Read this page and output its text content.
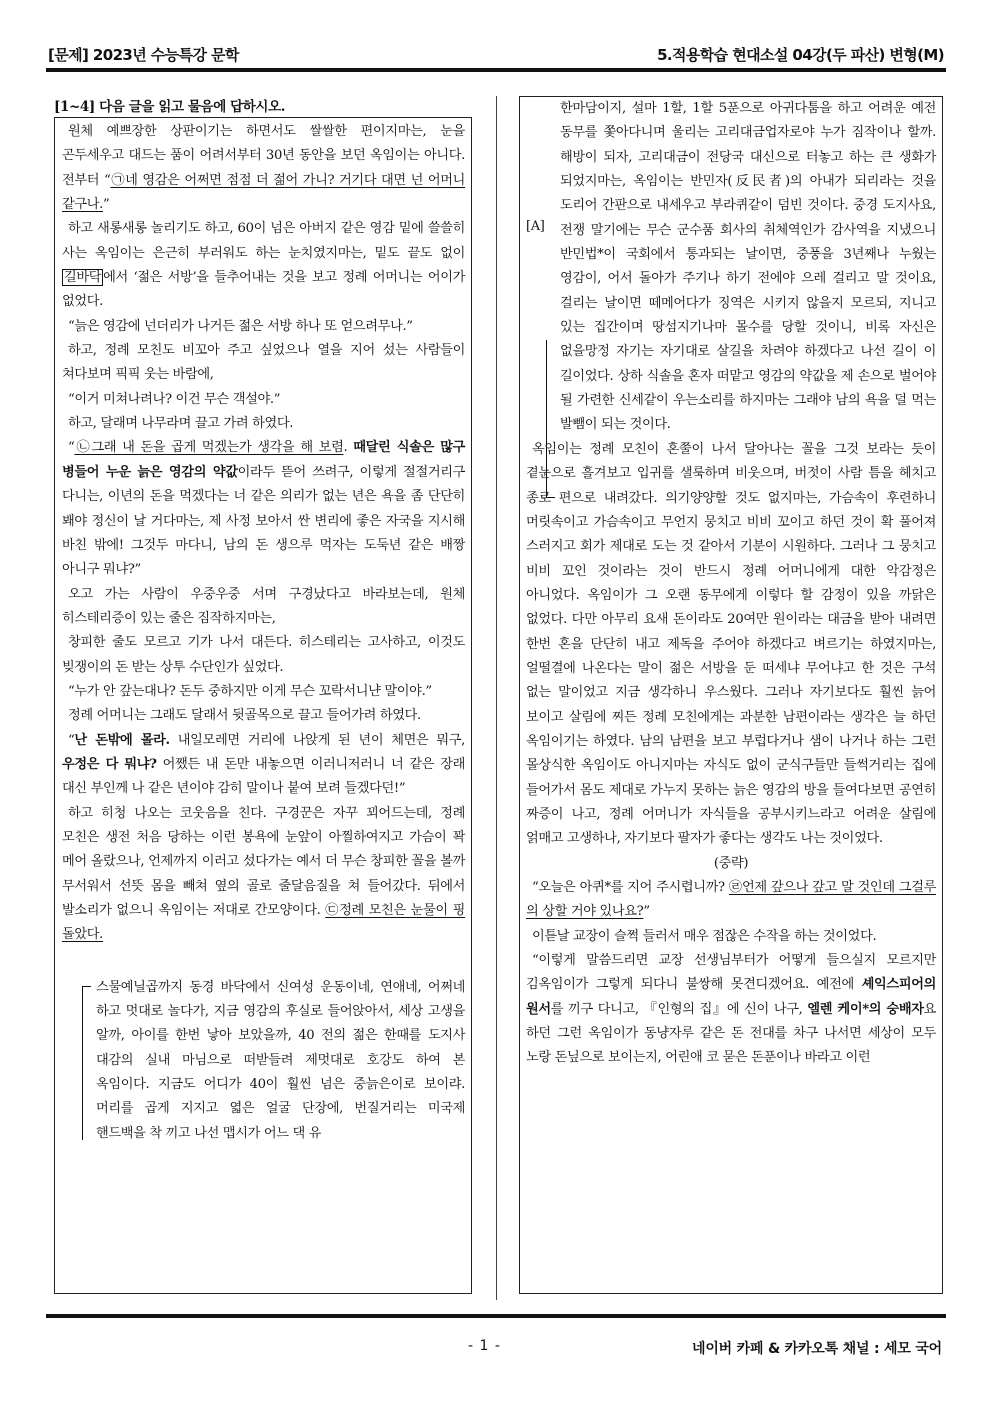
[문제] 2023년 수능특강 문학	5.적용학습 현대소설 04강(두 파산) 변형(M)
[1~4] 다음 글을 읽고 물음에 답하시오.

원체 예쁘장한 상판이기는 하면서도 쌀쌀한 편이지마는, 눈을 곤두세우고 대드는 품이 어려서부터 30년 동안을 보던 옥임이는 아니다. 전부터 “㉠네 영감은 어쩌면 점점 더 젊어 가니? 거기다 대면 넌 어머니 같구나.”

하고 새롱새롱 놀리기도 하고, 60이 넘은 아버지 같은 영감 밑에 쓸쓸히 사는 옥임이는 은근히 부러워도 하는 눈치였지마는, 밑도 끝도 없이 길바닥 에서 ‘젊은 서방’을 들추어내는 것을 보고 정례 어머니는 어이가 없었다.

“늙은 영감에 넌더리가 나거든 젊은 서방 하나 또 얻으려무나.”

하고, 정례 모친도 비꼬아 주고 싶었으나 열을 지어 섰는 사람들이 쳐다보며 픽픽 웃는 바람에,

“이거 미쳐나려나? 이건 무슨 객설야.”

하고, 달래며 나무라며 끌고 가려 하였다.

“㉡그래 내 돈을 곱게 먹겠는가 생각을 해 보렴. 때달린 식솔은 많구 병들어 누운 늙은 영감의 약값이라두 뜯어 쓰려구, 이렇게 절절거리구 다니는, 이년의 돈을 먹겠다는 너 같은 의리가 없는 년은 욕을 좀 단단히 봬야 정신이 날 거다마는, 제 사정 보아서 싼 변리에 좋은 자국을 지시해 바친 밖에! 그것두 마다니, 남의 돈 생으루 먹자는 도둑년 같은 배짱 아니구 뭐냐?”

오고 가는 사람이 우중우중 서며 구경났다고 바라보는데, 원체 히스테리증이 있는 줄은 짐작하지마는,

창피한 줄도 모르고 기가 나서 대든다. 히스테리는 고사하고, 이것도 빚쟁이의 돈 받는 상투 수단인가 싶었다.

“누가 안 갚는대나? 돈두 중하지만 이게 무슨 꼬락서니냔 말이야.”

정례 어머니는 그래도 달래서 뒷골목으로 끌고 들어가려 하였다.

“난 돈밖에 몰라. 내일모레면 거리에 나앉게 된 년이 체면은 뭐구, 우정은 다 뭐냐? 어쨌든 내 돈만 내놓으면 이러니저러니 너 같은 장래 대신 부인께 나 같은 년이야 감히 말이나 붙여 보려 들겠다던!”

하고 히청 나오는 코웃음을 친다. 구경꾼은 자꾸 꾀어드는데, 정례 모친은 생전 처음 당하는 이런 봉욕에 눈앞이 아찔하여지고 가슴이 꽉 메어 올랐으나, 언제까지 이러고 섰다가는 예서 더 무슨 창피한 꼴을 볼까 무서워서 선뜻 몸을 빼쳐 옆의 골로 줄달음질을 쳐 들어갔다. 뒤에서 발소리가 없으니 옥임이는 저대로 간모양이다. ㉢정례 모친은 눈물이 핑 돌았다.

스물예닐곱까지 동경 바닥에서 신여성 운동이네, 연애네, 어쩌네 하고 멋대로 놀다가, 지금 영감의 후실로 들어앉아서, 세상 고생을 알까, 아이를 한번 낳아 보았을까, 40 전의 젊은 한때를 도지사 대감의 실내 마님으로 떠받들려 제멋대로 호강도 하여 본 옥임이다. 지금도 어디가 40이 훨씬 넘은 중늙은이로 보이랴. 머리를 곱게 지지고 엷은 얼굴 단장에, 번질거리는 미국제 핸드백을 착 끼고 나선 맵시가 어느 댁 유

[A]

한마담이지, 설마 1할, 1할 5푼으로 아귀다툼을 하고 어려운 예전 동무를 쫓아다니며 울리는 고리대금업자로야 누가 짐작이나 할까. 해방이 되자, 고리대금이 전당국 대신으로 터놓고 하는 큰 생화가 되었지마는, 옥임이는 반민자(反民者)의 아내가 되리라는 것을 도리어 간판으로 내세우고 부라퀴같이 덤빈 것이다. 중경 도지사요, 전쟁 말기에는 무슨 군수품 회사의 취체역인가 감사역을 지냈으니 반민법*이 국회에서 통과되는 날이면, 중풍을 3년째나 누웠는 영감이, 어서 돌아가 주기나 하기 전에야 으레 걸리고 말 것이요, 걸리는 날이면 떼메어다가 징역은 시키지 않을지 모르되, 지니고 있는 집간이며 땅섬지기나마 몰수를 당할 것이니, 비록 자신은 없을망정 자기는 자기대로 살길을 차려야 하겠다고 나선 길이 이 길이었다. 상하 식솔을 혼자 떠맡고 영감의 약값을 제 손으로 벌어야 될 가련한 신세같이 우는소리를 하지마는 그래야 남의 욕을 덜 먹는 발뺌이 되는 것이다.

옥임이는 정례 모친이 혼쭐이 나서 달아나는 꼴을 그것 보라는 듯이 곁눈으로 흘겨보고 입귀를 샐룩하며 비웃으며, 버젓이 사람 틈을 헤치고 종로 편으로 내려갔다. 의기양양할 것도 없지마는, 가슴속이 후련하니 머릿속이고 가슴속이고 무언지 뭉치고 비비 꼬이고 하던 것이 확 풀어져 스러지고 회가 제대로 도는 것 같아서 기분이 시원하다. 그러나 그 뭉치고 비비 꼬인 것이라는 것이 반드시 정례 어머니에게 대한 악감정은 아니었다. 옥임이가 그 오랜 동무에게 이렇다 할 감정이 있을 까닭은 없었다. 다만 아무리 요새 돈이라도 20여만 원이라는 대금을 받아 내려면 한번 혼을 단단히 내고 제독을 주어야 하겠다고 벼르기는 하였지마는, 얼떨결에 나온다는 말이 젊은 서방을 둔 떠세냐 무어냐고 한 것은 구석 없는 말이었고 지금 생각하니 우스웠다. 그러나 자기보다도 훨씬 늙어 보이고 살림에 찌든 정례 모친에게는 과분한 남편이라는 생각은 늘 하던 옥임이기는 하였다. 남의 남편을 보고 부럽다거나 샘이 나거나 하는 그런 몰상식한 옥임이도 아니지마는 자식도 없이 군식구들만 들썩거리는 집에 들어가서 몸도 제대로 가누지 못하는 늙은 영감의 방을 들여다보면 공연히 짜증이 나고, 정례 어머니가 자식들을 공부시키느라고 어려운 살림에 얽매고 고생하나, 자기보다 팔자가 좋다는 생각도 나는 것이었다.

(중략)

“오늘은 아퀴*를 지어 주시렵니까? ㉣언제 갚으나 갚고 말 것인데 그걸루 의 상할 거야 있나요?”

이튿날 교장이 슬쩍 들러서 매우 점잖은 수작을 하는 것이었다.

“이렇게 말씀드리면 교장 선생님부터가 어떻게 들으실지 모르지만 김옥임이가 그렇게 되다니 불쌍해 못견디겠어요. 예전에 셰익스피어의 원서를 끼구 다니고, 『인형의 집』에 신이 나구, 엘렌 케이*의 숭배자요 하던 그런 옥임이가 동냥자루 같은 돈 전대를 차구 나서면 세상이 모두 노랑 돈닢으로 보이는지, 어린애 코 묻은 돈푼이나 바라고 이런

- 1 -	네이버 카페 & 카카오톡 채널 : 세모 국어
